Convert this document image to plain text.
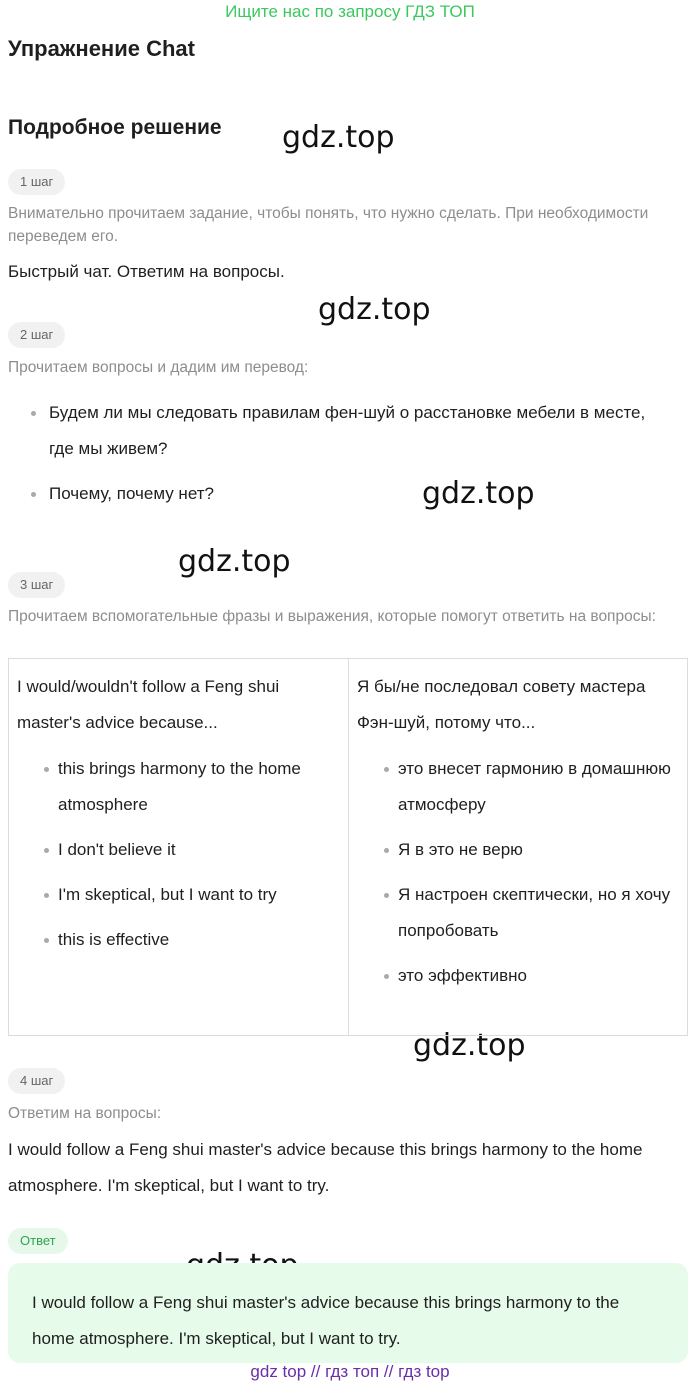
Ищите нас по запросу ГДЗ ТОП
Упражнение Chat
Подробное решение gdz.top
gdz.top
gdz.top
gdz.top
gdz.top
1 шаг

Внимательно прочитаем задание, чтобы понять, что нужно сделать. При необходимости переведем его.

Быстрый чат. Ответим на вопросы.

2 шаг

Прочитаем вопросы и дадим им перевод:

Будем ли мы следовать правилам фен-шуй о расстановке мебели в месте, где мы живем?
Почему, почему нет?
3 шаг

Прочитаем вспомогательные фразы и выражения, которые помогут ответить на вопросы:

I would/wouldn't follow a Feng shui master's advice because...

this brings harmony to the home atmosphere
I don't believe it
I'm skeptical, but I want to try
this is effective

Я бы/не последовал совету мастера Фэн-шуй, потому что...

это внесет гармонию в домашнюю атмосферу
Я в это не верю
Я настроен скептически, но я хочу попробовать
это эффективно
4 шаг

Ответим на вопросы:

I would follow a Feng shui master's advice because this brings harmony to the home atmosphere. I'm skeptical, but I want to try.

Ответ

I would follow a Feng shui master's advice because this brings harmony to the home atmosphere. I'm skeptical, but I want to try.

gdz top // гдз топ // гдз top
